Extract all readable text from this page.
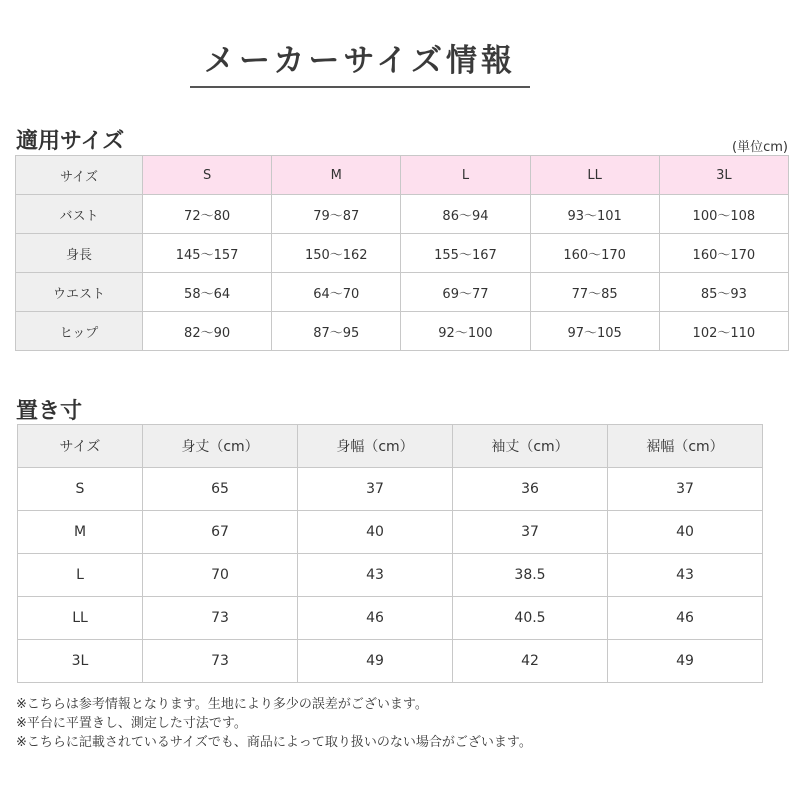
メーカーサイズ情報
適用サイズ	(単位cm)
サイズ	S	M	L	LL	3L
バスト	72〜80	79〜87	86〜94	93〜101	100〜108
身長	145〜157	150〜162	155〜167	160〜170	160〜170
ウエスト	58〜64	64〜70	69〜77	77〜85	85〜93
ヒップ	82〜90	87〜95	92〜100	97〜105	102〜110
置き寸
サイズ	身丈（cm）	身幅（cm）	袖丈（cm）	裾幅（cm）
S	65	37	36	37
M	67	40	37	40
L	70	43	38.5	43
LL	73	46	40.5	46
3L	73	49	42	49
※こちらは参考情報となります。生地により多少の誤差がございます。
※平台に平置きし、測定した寸法です。
※こちらに記載されているサイズでも、商品によって取り扱いのない場合がございます。
